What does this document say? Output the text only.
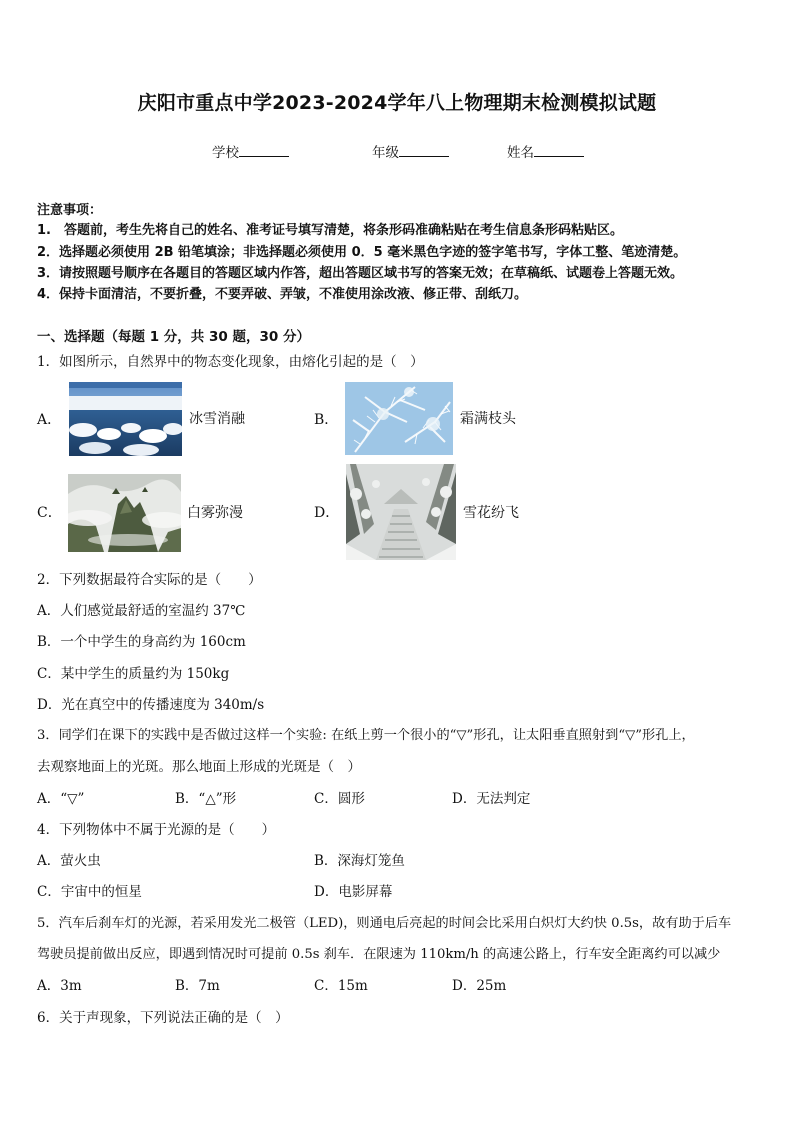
庆阳市重点中学2023-2024学年八上物理期末检测模拟试题
学校	年级	姓名
注意事项：
1.　答题前，考生先将自己的姓名、准考证号填写清楚，将条形码准确粘贴在考生信息条形码粘贴区。
2．选择题必须使用 2B 铅笔填涂；非选择题必须使用 0．5 毫米黑色字迹的签字笔书写，字体工整、笔迹清楚。
3．请按照题号顺序在各题目的答题区域内作答，超出答题区域书写的答案无效；在草稿纸、试题卷上答题无效。
4．保持卡面清洁，不要折叠，不要弄破、弄皱，不准使用涂改液、修正带、刮纸刀。
一、选择题（每题 1 分，共 30 题，30 分）
1．如图所示，自然界中的物态变化现象，由熔化引起的是（　）
A．	冰雪消融	B．	霜满枝头
C．	白雾弥漫	D．	雪花纷飞
2．下列数据最符合实际的是（　　）
A．人们感觉最舒适的室温约 37℃
B．一个中学生的身高约为 160cm
C．某中学生的质量约为 150kg
D．光在真空中的传播速度为 340m/s
3．同学们在课下的实践中是否做过这样一个实验: 在纸上剪一个很小的“▽”形孔，让太阳垂直照射到“▽”形孔上，
去观察地面上的光斑。那么地面上形成的光斑是（　）
A．“▽”	B．“△”形	C．圆形	D．无法判定
4．下列物体中不属于光源的是（　　）
A．萤火虫	B．深海灯笼鱼
C．宇宙中的恒星	D．电影屏幕
5．汽车后刹车灯的光源，若采用发光二极管（LED)，则通电后亮起的时间会比采用白炽灯大约快 0.5s，故有助于后车
驾驶员提前做出反应，即遇到情况时可提前 0.5s 刹车．在限速为 110km/h 的高速公路上，行车安全距离约可以减少
A．3m	B．7m	C．15m	D．25m
6．关于声现象，下列说法正确的是（　）
